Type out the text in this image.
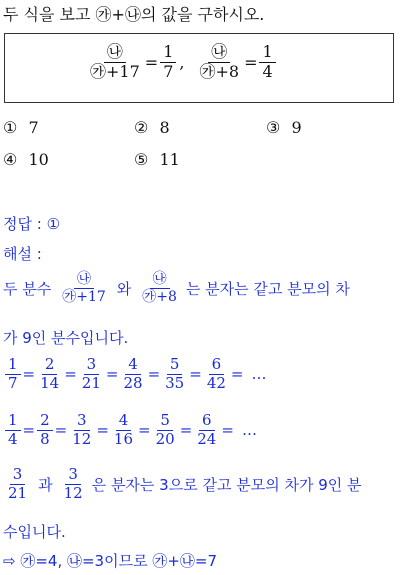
두 식을 보고 ㉮+㉯의 값을 구하시오.
$\frac{㉯}{㉮+17} = \frac{1}{7}$ , $\frac{㉯}{㉮+8} = \frac{1}{4}$
① 7	② 8	③ 9
④ 10	⑤ 11
정답 : ①
해설 :
두 분수 $\frac{㉯}{㉮+17}$ 와 $\frac{㉯}{㉮+8}$ 는 분자는 같고 분모의 차
가 9인 분수입니다.
$\frac{1}{7} = \frac{2}{14} = \frac{3}{21} = \frac{4}{28} = \frac{5}{35} = \frac{6}{42}$ = …
$\frac{1}{4} = \frac{2}{8} = \frac{3}{12} = \frac{4}{16} = \frac{5}{20} = \frac{6}{24}$ = …
$\frac{3}{21}$ 과 $\frac{3}{12}$ 은 분자는 3으로 같고 분모의 차가 9인 분
수입니다.
⇨ ㉮=4, ㉯=3이므로 ㉮+㉯=7
